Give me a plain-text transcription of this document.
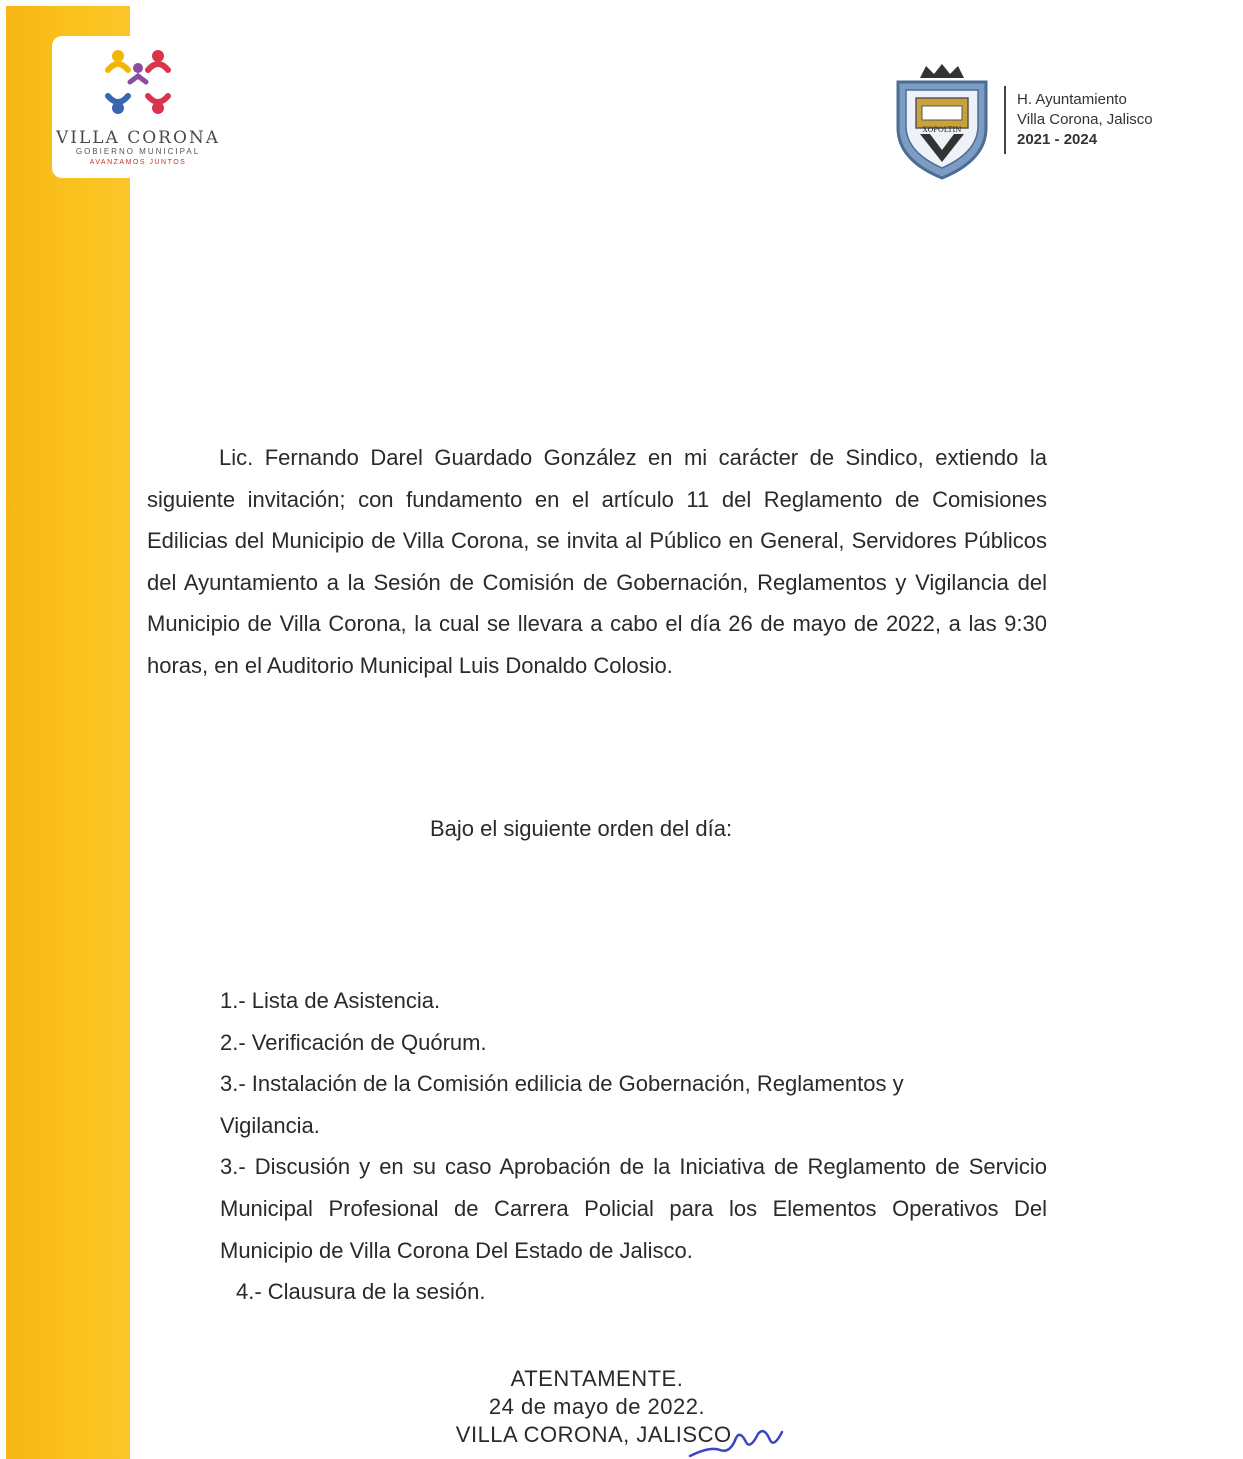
VILLA CORONA
GOBIERNO MUNICIPAL
AVANZAMOS JUNTOS
XOPOLTIN
H. Ayuntamiento
Villa Corona, Jalisco
2021 - 2024

Lic. Fernando Darel Guardado González en mi carácter de Sindico, extiendo la siguiente invitación; con fundamento en el artículo 11 del Reglamento de Comisiones Edilicias del Municipio de Villa Corona, se invita al Público en General, Servidores Públicos del Ayuntamiento a la Sesión de Comisión de Gobernación, Reglamentos y Vigilancia del Municipio de Villa Corona, la cual se llevara a cabo el día 26 de mayo de 2022, a las 9:30 horas, en el Auditorio Municipal Luis Donaldo Colosio.

Bajo el siguiente orden del día:

1.- Lista de Asistencia.

2.- Verificación de Quórum.

3.- Instalación de la Comisión edilicia de Gobernación, Reglamentos y Vigilancia.

3.- Discusión y en su caso Aprobación de la Iniciativa de Reglamento de Servicio Municipal Profesional de Carrera Policial para los Elementos Operativos Del Municipio de Villa Corona Del Estado de Jalisco.

4.- Clausura de la sesión.

ATENTAMENTE.
24 de mayo de 2022.
VILLA CORONA, JALISCO.
